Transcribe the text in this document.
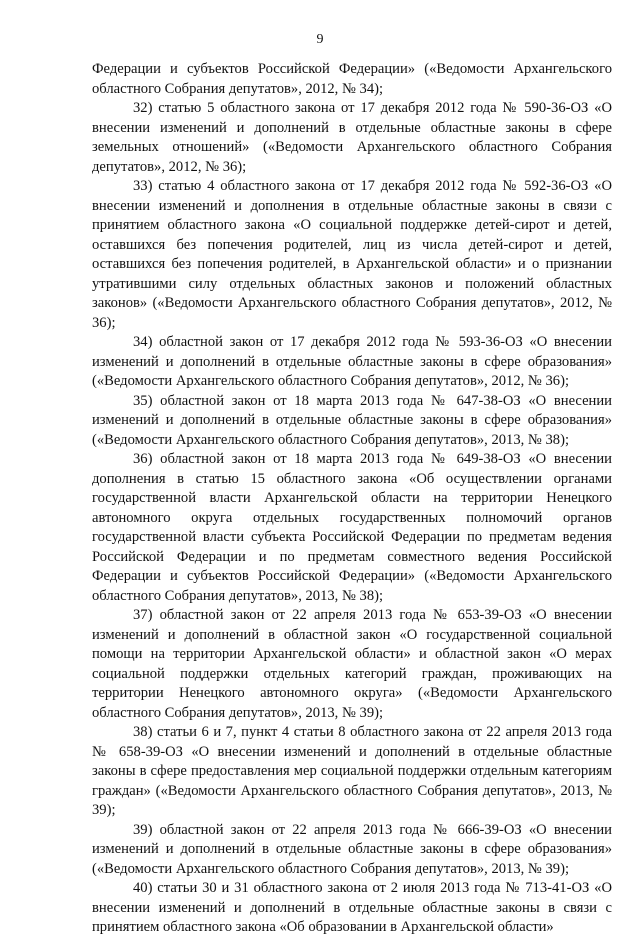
9

Федерации и субъектов Российской Федерации» («Ведомости Архангельского областного Собрания депутатов», 2012, № 34);

32) статью 5 областного закона от 17 декабря 2012 года № 590-36-ОЗ «О внесении изменений и дополнений в отдельные областные законы в сфере земельных отношений» («Ведомости Архангельского областного Собрания депутатов», 2012, № 36);

33) статью 4 областного закона от 17 декабря 2012 года № 592-36-ОЗ «О внесении изменений и дополнения в отдельные областные законы в связи с принятием областного закона «О социальной поддержке детей-сирот и детей, оставшихся без попечения родителей, лиц из числа детей-сирот и детей, оставшихся без попечения родителей, в Архангельской области» и о признании утратившими силу отдельных областных законов и положений областных законов» («Ведомости Архангельского областного Собрания депутатов», 2012, № 36);

34) областной закон от 17 декабря 2012 года № 593-36-ОЗ «О внесении изменений и дополнений в отдельные областные законы в сфере образования» («Ведомости Архангельского областного Собрания депутатов», 2012, № 36);

35) областной закон от 18 марта 2013 года № 647-38-ОЗ «О внесении изменений и дополнений в отдельные областные законы в сфере образования» («Ведомости Архангельского областного Собрания депутатов», 2013, № 38);

36) областной закон от 18 марта 2013 года № 649-38-ОЗ «О внесении дополнения в статью 15 областного закона «Об осуществлении органами государственной власти Архангельской области на территории Ненецкого автономного округа отдельных государственных полномочий органов государственной власти субъекта Российской Федерации по предметам ведения Российской Федерации и по предметам совместного ведения Российской Федерации и субъектов Российской Федерации» («Ведомости Архангельского областного Собрания депутатов», 2013, № 38);

37) областной закон от 22 апреля 2013 года № 653-39-ОЗ «О внесении изменений и дополнений в областной закон «О государственной социальной помощи на территории Архангельской области» и областной закон «О мерах социальной поддержки отдельных категорий граждан, проживающих на территории Ненецкого автономного округа» («Ведомости Архангельского областного Собрания депутатов», 2013, № 39);

38) статьи 6 и 7, пункт 4 статьи 8 областного закона от 22 апреля 2013 года № 658-39-ОЗ «О внесении изменений и дополнений в отдельные областные законы в сфере предоставления мер социальной поддержки отдельным категориям граждан» («Ведомости Архангельского областного Собрания депутатов», 2013, № 39);

39) областной закон от 22 апреля 2013 года № 666-39-ОЗ «О внесении изменений и дополнений в отдельные областные законы в сфере образования» («Ведомости Архангельского областного Собрания депутатов», 2013, № 39);

40) статьи 30 и 31 областного закона от 2 июля 2013 года № 713-41-ОЗ «О внесении изменений и дополнений в отдельные областные законы в связи с принятием областного закона «Об образовании в Архангельской области»
